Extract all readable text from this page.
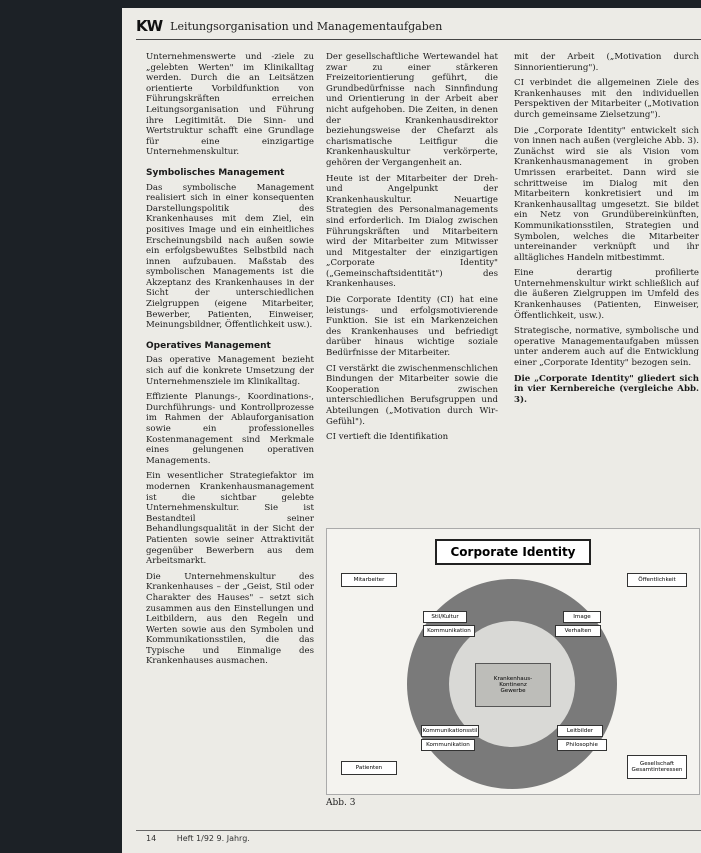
KW Leitungsorganisation und Managementaufgaben

Unternehmenswerte und -ziele zu „gelebten Werten" im Klinikalltag werden. Durch die an Leitsätzen orientierte Vorbildfunktion von Führungskräften erreichen Leitungsorganisation und Führung ihre Legitimität. Die Sinn- und Wertstruktur schafft eine Grundlage für eine einzigartige Unternehmenskultur.

Symbolisches Management

Das symbolische Management realisiert sich in einer konsequenten Darstellungspolitik des Krankenhauses mit dem Ziel, ein positives Image und ein einheitliches Erscheinungsbild nach außen sowie ein erfolgsbewußtes Selbstbild nach innen aufzubauen. Maßstab des symbolischen Managements ist die Akzeptanz des Krankenhauses in der Sicht der unterschiedlichen Zielgruppen (eigene Mitarbeiter, Bewerber, Patienten, Einweiser, Meinungsbildner, Öffentlichkeit usw.).

Operatives Management

Das operative Management bezieht sich auf die konkrete Umsetzung der Unternehmensziele im Klinikalltag.

Effiziente Planungs-, Koordinations-, Durchführungs- und Kontrollprozesse im Rahmen der Ablauforganisation sowie ein professionelles Kostenmanagement sind Merkmale eines gelungenen operativen Managements.

Ein wesentlicher Strategiefaktor im modernen Krankenhausmanagement ist die sichtbar gelebte Unternehmenskultur. Sie ist Bestandteil seiner Behandlungsqualität in der Sicht der Patienten sowie seiner Attraktivität gegenüber Bewerbern aus dem Arbeitsmarkt.

Die Unternehmenskultur des Krankenhauses – der „Geist, Stil oder Charakter des Hauses" – setzt sich zusammen aus den Einstellungen und Leitbildern, aus den Regeln und Werten sowie aus den Symbolen und Kommunikationsstilen, die das Typische und Einmalige des Krankenhauses ausmachen.

Der gesellschaftliche Wertewandel hat zwar zu einer stärkeren Freizeitorientierung geführt, die Grundbedürfnisse nach Sinnfindung und Orientierung in der Arbeit aber nicht aufgehoben. Die Zeiten, in denen der Krankenhausdirektor beziehungsweise der Chefarzt als charismatische Leitfigur die Krankenhauskultur verkörperte, gehören der Vergangenheit an.

Heute ist der Mitarbeiter der Dreh- und Angelpunkt der Krankenhauskultur. Neuartige Strategien des Personalmanagements sind erforderlich. Im Dialog zwischen Führungskräften und Mitarbeitern wird der Mitarbeiter zum Mitwisser und Mitgestalter der einzigartigen „Corporate Identity" („Gemeinschaftsidentität") des Krankenhauses.

Die Corporate Identity (CI) hat eine leistungs- und erfolgsmotivierende Funktion. Sie ist ein Markenzeichen des Krankenhauses und befriedigt darüber hinaus wichtige soziale Bedürfnisse der Mitarbeiter.

CI verstärkt die zwischenmenschlichen Bindungen der Mitarbeiter sowie die Kooperation zwischen unterschiedlichen Berufsgruppen und Abteilungen („Motivation durch Wir-Gefühl").

CI vertieft die Identifikation

mit der Arbeit („Motivation durch Sinnorientierung").

CI verbindet die allgemeinen Ziele des Krankenhauses mit den individuellen Perspektiven der Mitarbeiter („Motivation durch gemeinsame Zielsetzung").

Die „Corporate Identity" entwickelt sich von innen nach außen (vergleiche Abb. 3). Zunächst wird sie als Vision vom Krankenhausmanagement in groben Umrissen erarbeitet. Dann wird sie schrittweise im Dialog mit den Mitarbeitern konkretisiert und im Krankenhausalltag umgesetzt. Sie bildet ein Netz von Grundübereinkünften, Kommunikationsstilen, Strategien und Symbolen, welches die Mitarbeiter untereinander verknüpft und ihr alltägliches Handeln mitbestimmt.

Eine derartig profilierte Unternehmenskultur wirkt schließlich auf die äußeren Zielgruppen im Umfeld des Krankenhauses (Patienten, Einweiser, Öffentlichkeit, usw.).

Strategische, normative, symbolische und operative Managementaufgaben müssen unter anderem auch auf die Entwicklung einer „Corporate Identity" bezogen sein.

Die „Corporate Identity" gliedert sich in vier Kernbereiche (vergleiche Abb. 3).

Corporate Identity
Krankenhaus-
Kontinenz
Gewerbe
Mitarbeiter	Öffentlichkeit
Patienten
Gesellschaft Gesamtinteressen
Stil/Kultur
Kommunikation
Image
Verhalten
Kommunikationsstil
Kommunikation
Leitbilder
Philosophie
Abb. 3
14	Heft 1/92 9. Jahrg.
